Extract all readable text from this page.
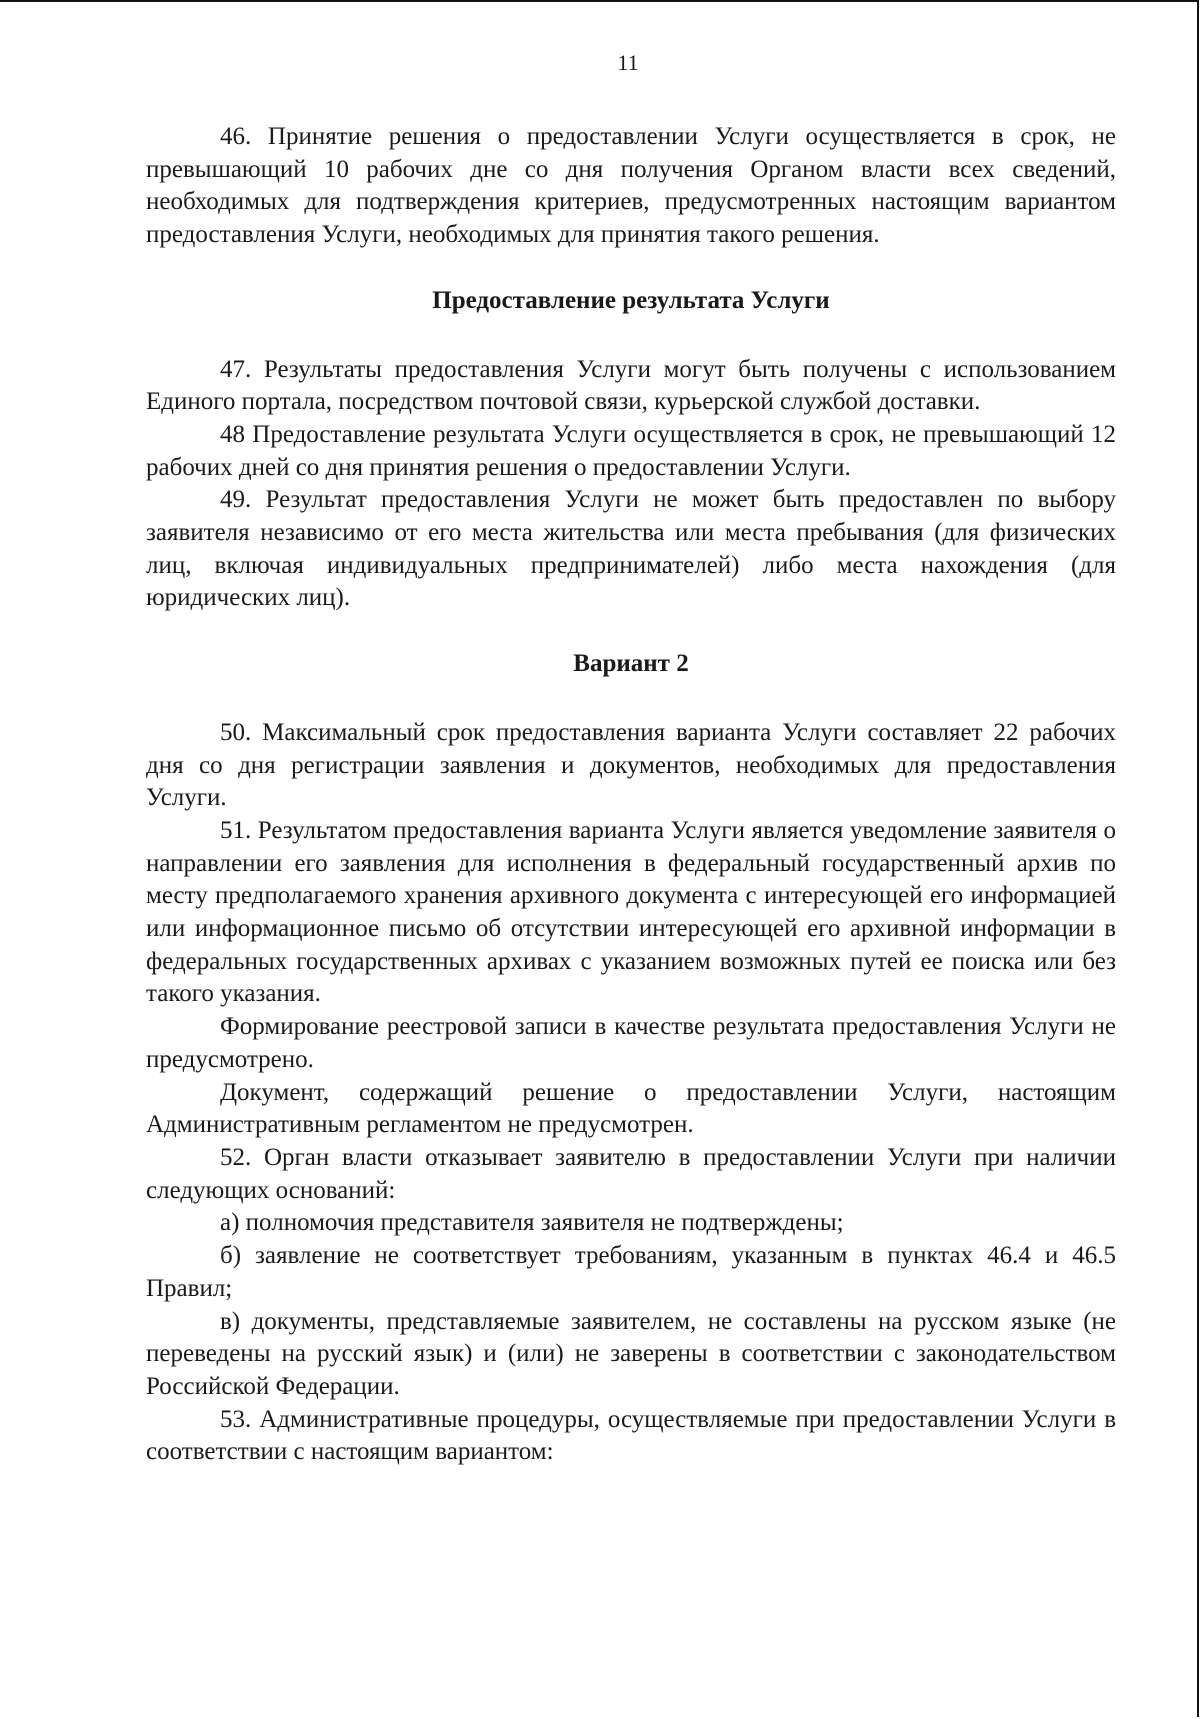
11

46. Принятие решения о предоставлении Услуги осуществляется в срок, не превышающий 10 рабочих дне со дня получения Органом власти всех сведений, необходимых для подтверждения критериев, предусмотренных настоящим вариантом предоставления Услуги, необходимых для принятия такого решения.

Предоставление результата Услуги

47. Результаты предоставления Услуги могут быть получены с использованием Единого портала, посредством почтовой связи, курьерской службой доставки.

48 Предоставление результата Услуги осуществляется в срок, не превышающий 12 рабочих дней со дня принятия решения о предоставлении Услуги.

49. Результат предоставления Услуги не может быть предоставлен по выбору заявителя независимо от его места жительства или места пребывания (для физических лиц, включая индивидуальных предпринимателей) либо места нахождения (для юридических лиц).

Вариант 2

50. Максимальный срок предоставления варианта Услуги составляет 22 рабочих дня со дня регистрации заявления и документов, необходимых для предоставления Услуги.

51. Результатом предоставления варианта Услуги является уведомление заявителя о направлении его заявления для исполнения в федеральный государственный архив по месту предполагаемого хранения архивного документа с интересующей его информацией или информационное письмо об отсутствии интересующей его архивной информации в федеральных государственных архивах с указанием возможных путей ее поиска или без такого указания.

Формирование реестровой записи в качестве результата предоставления Услуги не предусмотрено.

Документ, содержащий решение о предоставлении Услуги, настоящим Административным регламентом не предусмотрен.

52. Орган власти отказывает заявителю в предоставлении Услуги при наличии следующих оснований:

а) полномочия представителя заявителя не подтверждены;

б) заявление не соответствует требованиям, указанным в пунктах 46.4 и 46.5 Правил;

в) документы, представляемые заявителем, не составлены на русском языке (не переведены на русский язык) и (или) не заверены в соответствии с законодательством Российской Федерации.

53. Административные процедуры, осуществляемые при предоставлении Услуги в соответствии с настоящим вариантом:
